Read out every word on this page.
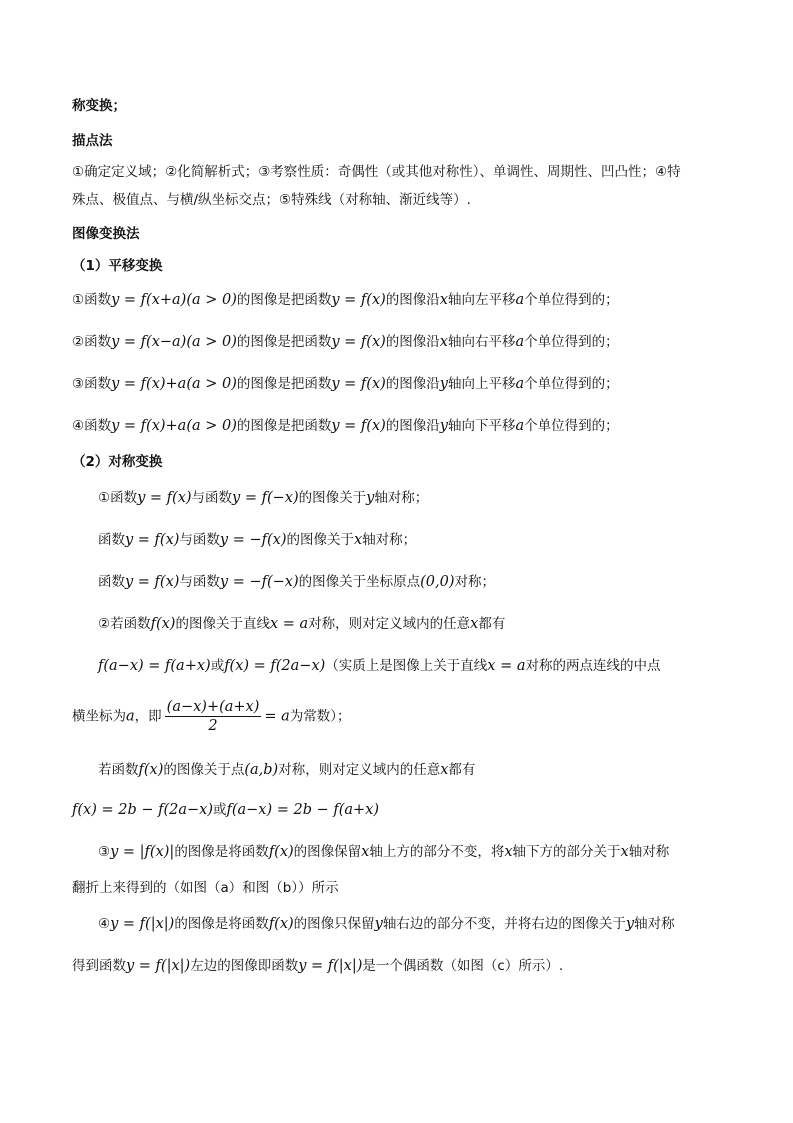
称变换；
描点法
①确定定义域；②化简解析式；③考察性质：奇偶性（或其他对称性）、单调性、周期性、凹凸性；④特
殊点、极值点、与横/纵坐标交点；⑤特殊线（对称轴、渐近线等）.
图像变换法
（1）平移变换
①函数y = f(x+a)(a > 0)的图像是把函数y = f(x)的图像沿x轴向左平移a个单位得到的；
②函数y = f(x−a)(a > 0)的图像是把函数y = f(x)的图像沿x轴向右平移a个单位得到的；
③函数y = f(x)+a(a > 0)的图像是把函数y = f(x)的图像沿y轴向上平移a个单位得到的；
④函数y = f(x)+a(a > 0)的图像是把函数y = f(x)的图像沿y轴向下平移a个单位得到的；
（2）对称变换
①函数y = f(x)与函数y = f(−x)的图像关于y轴对称；
函数y = f(x)与函数y = −f(x)的图像关于x轴对称；
函数y = f(x)与函数y = −f(−x)的图像关于坐标原点(0,0)对称；
②若函数f(x)的图像关于直线x = a对称，则对定义域内的任意x都有
f(a−x) = f(a+x)或f(x) = f(2a−x)（实质上是图像上关于直线x = a对称的两点连线的中点
横坐标为a，即 $\frac{(a-x)+(a+x)}{2} = a$为常数）；
若函数f(x)的图像关于点(a,b)对称，则对定义域内的任意x都有
f(x) = 2b − f(2a−x)或f(a−x) = 2b − f(a+x)
③y = |f(x)|的图像是将函数f(x)的图像保留x轴上方的部分不变，将x轴下方的部分关于x轴对称
翻折上来得到的（如图（a）和图（b））所示
④y = f(|x|)的图像是将函数f(x)的图像只保留y轴右边的部分不变，并将右边的图像关于y轴对称
得到函数y = f(|x|)左边的图像即函数y = f(|x|)是一个偶函数（如图（c）所示）.
